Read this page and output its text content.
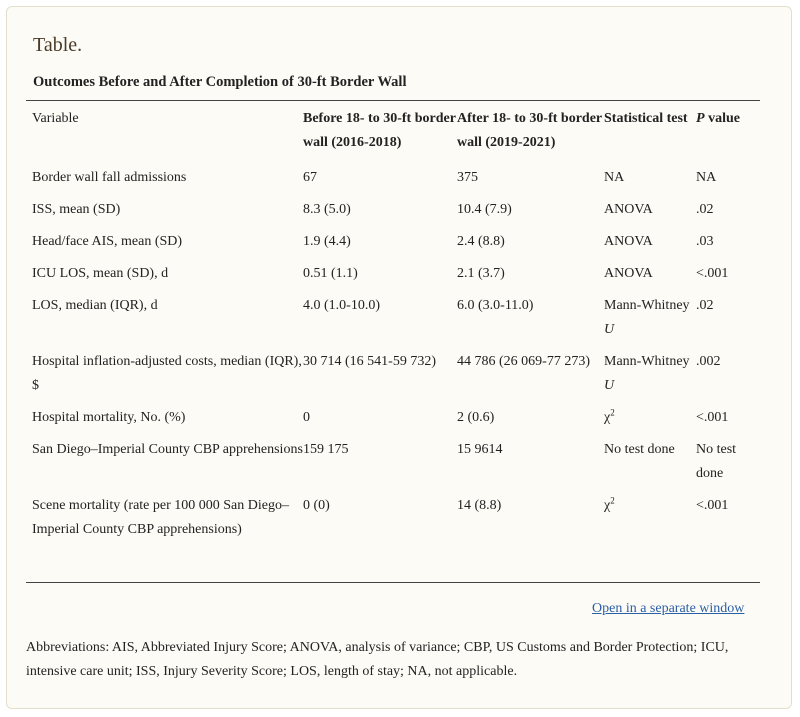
Table.
Outcomes Before and After Completion of 30-ft Border Wall
Variable	Before 18- to 30-ft border wall (2016-2018)	After 18- to 30-ft border wall (2019-2021)	Statistical test	P value
Border wall fall admissions	67	375	NA	NA
ISS, mean (SD)	8.3 (5.0)	10.4 (7.9)	ANOVA	.02
Head/face AIS, mean (SD)	1.9 (4.4)	2.4 (8.8)	ANOVA	.03
ICU LOS, mean (SD), d	0.51 (1.1)	2.1 (3.7)	ANOVA	<.001
LOS, median (IQR), d	4.0 (1.0-10.0)	6.0 (3.0-11.0)	Mann-Whitney U	.02
Hospital inflation-adjusted costs, median (IQR), $	30 714 (16 541-59 732)	44 786 (26 069-77 273)	Mann-Whitney U	.002
Hospital mortality, No. (%)	0	2 (0.6)	$\chi^2$	<.001
San Diego–Imperial County CBP apprehensions	159 175	15 9614	No test done	No test done
Scene mortality (rate per 100 000 San Diego–Imperial County CBP apprehensions)	0 (0)	14 (8.8)	$\chi^2$	<.001
Open in a separate window
Abbreviations: AIS, Abbreviated Injury Score; ANOVA, analysis of variance; CBP, US Customs and Border Protection; ICU, intensive care unit; ISS, Injury Severity Score; LOS, length of stay; NA, not applicable.
